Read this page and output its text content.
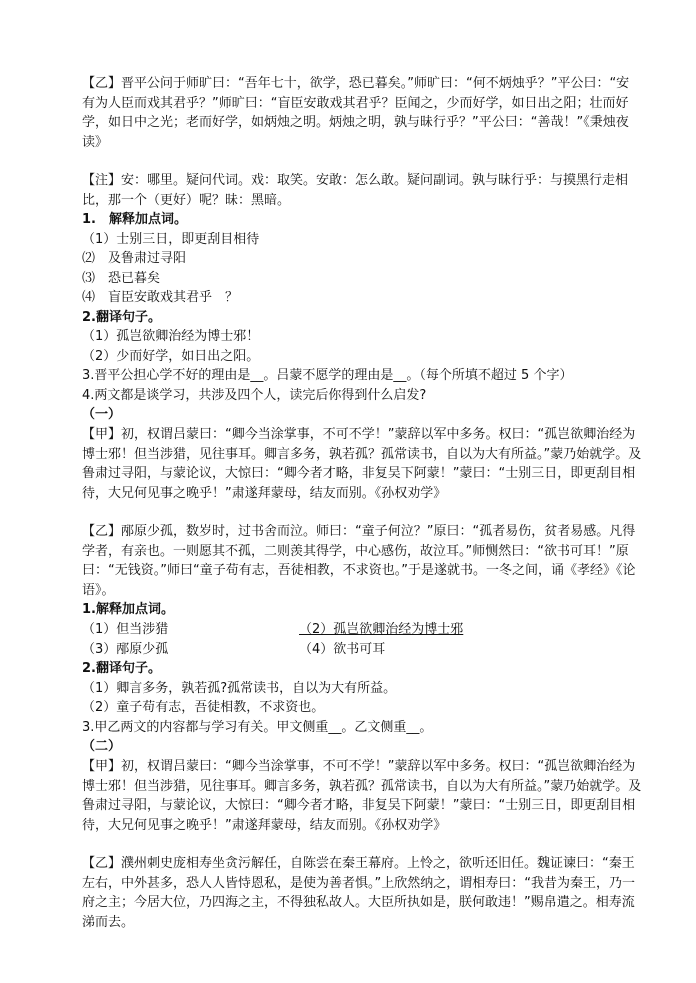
【乙】晋平公问于师旷曰：“吾年七十，欲学，恐已暮矣。”师旷曰：“何不炳烛乎？”平公曰：“安有为人臣而戏其君乎？”师旷曰：“盲臣安敢戏其君乎？臣闻之，少而好学，如日出之阳；壮而好学，如日中之光；老而好学，如炳烛之明。炳烛之明，孰与昧行乎？”平公曰：“善哉！”《秉烛夜读》

【注】安：哪里。疑问代词。戏：取笑。安敢：怎么敢。疑问副词。孰与昧行乎：与摸黑行走相比，那一个（更好）呢？昧：黑暗。

1.　解释加点词。

（1）士别三日，即更刮目相待

⑵　及鲁肃过寻阳

⑶　恐已暮矣

⑷　盲臣安敢戏其君乎　？

2.翻译句子。

（1）孤岂欲卿治经为博士邪！

（2）少而好学，如日出之阳。

3.晋平公担心学不好的理由是__。吕蒙不愿学的理由是__。（每个所填不超过 5 个字）

4.两文都是谈学习，共涉及四个人，读完后你得到什么启发?

（一）

【甲】初，权谓吕蒙曰：“卿今当涂掌事，不可不学！”蒙辞以军中多务。权曰：“孤岂欲卿治经为博士邪！但当涉猎，见往事耳。卿言多务，孰若孤？孤常读书，自以为大有所益。”蒙乃始就学。及鲁肃过寻阳，与蒙论议，大惊曰：“卿今者才略，非复吴下阿蒙！”蒙曰：“士别三日，即更刮目相待，大兄何见事之晚乎！”肃遂拜蒙母，结友而别。《孙权劝学》

【乙】邴原少孤，数岁时，过书舍而泣。师曰：“童子何泣？”原曰：“孤者易伤，贫者易感。凡得学者，有亲也。一则愿其不孤，二则羡其得学，中心感伤，故泣耳。”师恻然曰：“欲书可耳！”原曰：“无钱资。”师曰“童子苟有志，吾徒相教，不求资也。”于是遂就书。一冬之间，诵《孝经》《论语》。

1.解释加点词。

（1）但当涉猎	（2）孤岂欲卿治经为博士邪
（3）邴原少孤	（4）欲书可耳

2.翻译句子。

（1）卿言多务，孰若孤?孤常读书，自以为大有所益。

（2）童子苟有志，吾徒相教，不求资也。

3.甲乙两文的内容都与学习有关。甲文侧重__。乙文侧重__。

（二）

【甲】初，权谓吕蒙曰：“卿今当涂掌事，不可不学！”蒙辞以军中多务。权曰：“孤岂欲卿治经为博士邪！但当涉猎，见往事耳。卿言多务，孰若孤？孤常读书，自以为大有所益。”蒙乃始就学。及鲁肃过寻阳，与蒙论议，大惊曰：“卿今者才略，非复吴下阿蒙！”蒙曰：“士别三日，即更刮目相待，大兄何见事之晚乎！”肃遂拜蒙母，结友而别。《孙权劝学》

【乙】濮州刺史庞相寿坐贪污解任，自陈尝在秦王幕府。上怜之，欲听还旧任。魏证谏曰：“秦王左右，中外甚多，恐人人皆恃恩私，是使为善者惧。”上欣然纳之，谓相寿曰：“我昔为秦王，乃一府之主；今居大位，乃四海之主，不得独私故人。大臣所执如是，朕何敢违！”赐帛遣之。相寿流涕而去。
